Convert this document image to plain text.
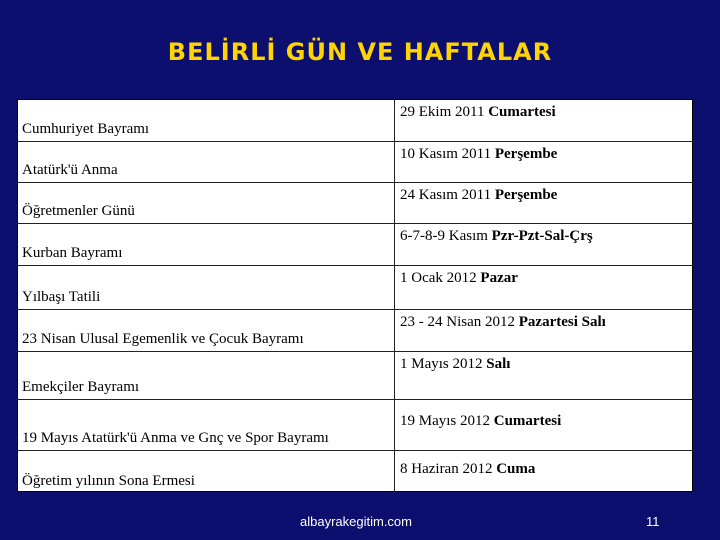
BELİRLİ GÜN VE HAFTALAR
Cumhuriyet Bayramı
29 Ekim 2011 Cumartesi
Atatürk'ü Anma
10 Kasım 2011 Perşembe
Öğretmenler Günü
24 Kasım 2011 Perşembe
Kurban Bayramı
6-7-8-9 Kasım Pzr-Pzt-Sal-Çrş
Yılbaşı Tatili
1 Ocak 2012 Pazar
23 Nisan Ulusal Egemenlik ve Çocuk Bayramı
23 - 24 Nisan 2012 Pazartesi Salı
Emekçiler Bayramı
1 Mayıs 2012 Salı
19 Mayıs Atatürk'ü Anma ve Gnç ve Spor Bayramı
19 Mayıs 2012 Cumartesi
Öğretim yılının Sona Ermesi
8 Haziran 2012 Cuma
albayrakegitim.com	11
